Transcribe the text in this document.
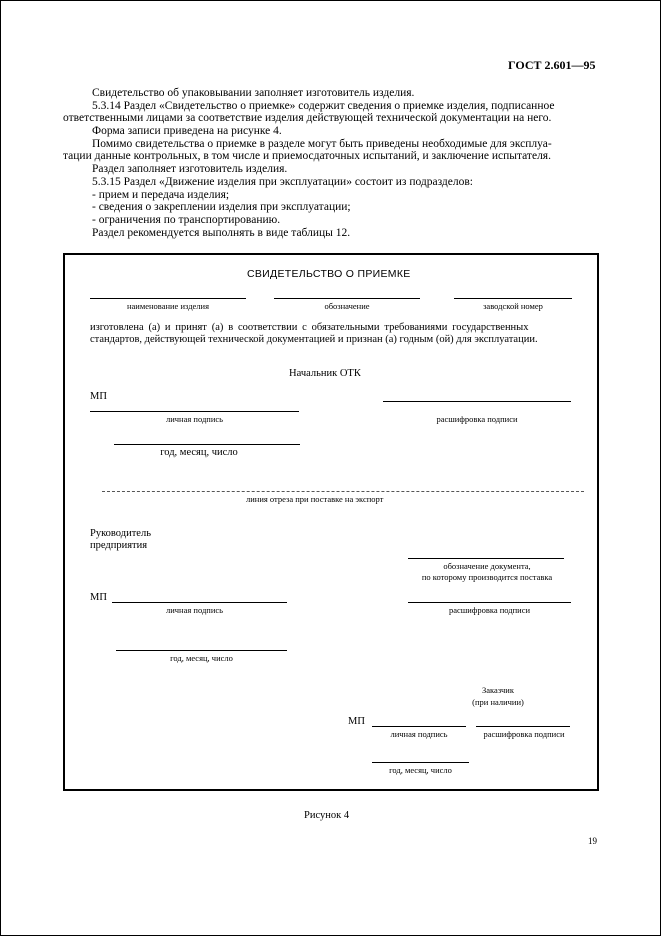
ГОСТ 2.601—95
Свидетельство об упаковывании заполняет изготовитель изделия.
5.3.14 Раздел «Свидетельство о приемке» содержит сведения о приемке изделия, подписанное
ответственными лицами за соответствие изделия действующей технической документации на него.
Форма записи приведена на рисунке 4.
Помимо свидетельства о приемке в разделе могут быть приведены необходимые для эксплуа-
тации данные контрольных, в том числе и приемосдаточных испытаний, и заключение испытателя.
Раздел заполняет изготовитель изделия.
5.3.15 Раздел «Движение изделия при эксплуатации» состоит из подразделов:
- прием и передача изделия;
- сведения о закреплении изделия при эксплуатации;
- ограничения по транспортированию.
Раздел рекомендуется выполнять в виде таблицы 12.
СВИДЕТЕЛЬСТВО О ПРИЕМКЕ
наименование изделия	обозначение	заводской номер
изготовлена (а) и принят (а) в соответствии с обязательными требованиями государственных
стандартов, действующей технической документацией и признан (а) годным (ой) для эксплуатации.
Начальник ОТК
МП
личная подпись	расшифровка подписи
год, месяц, число
линия отреза при поставке на экспорт
Руководитель
предприятия
обозначение документа,
по которому производится поставка
МП
личная подпись	расшифровка подписи
год, месяц, число
Заказчик
(при наличии)
МП
личная подпись	расшифровка подписи
год, месяц, число
Рисунок 4
19
